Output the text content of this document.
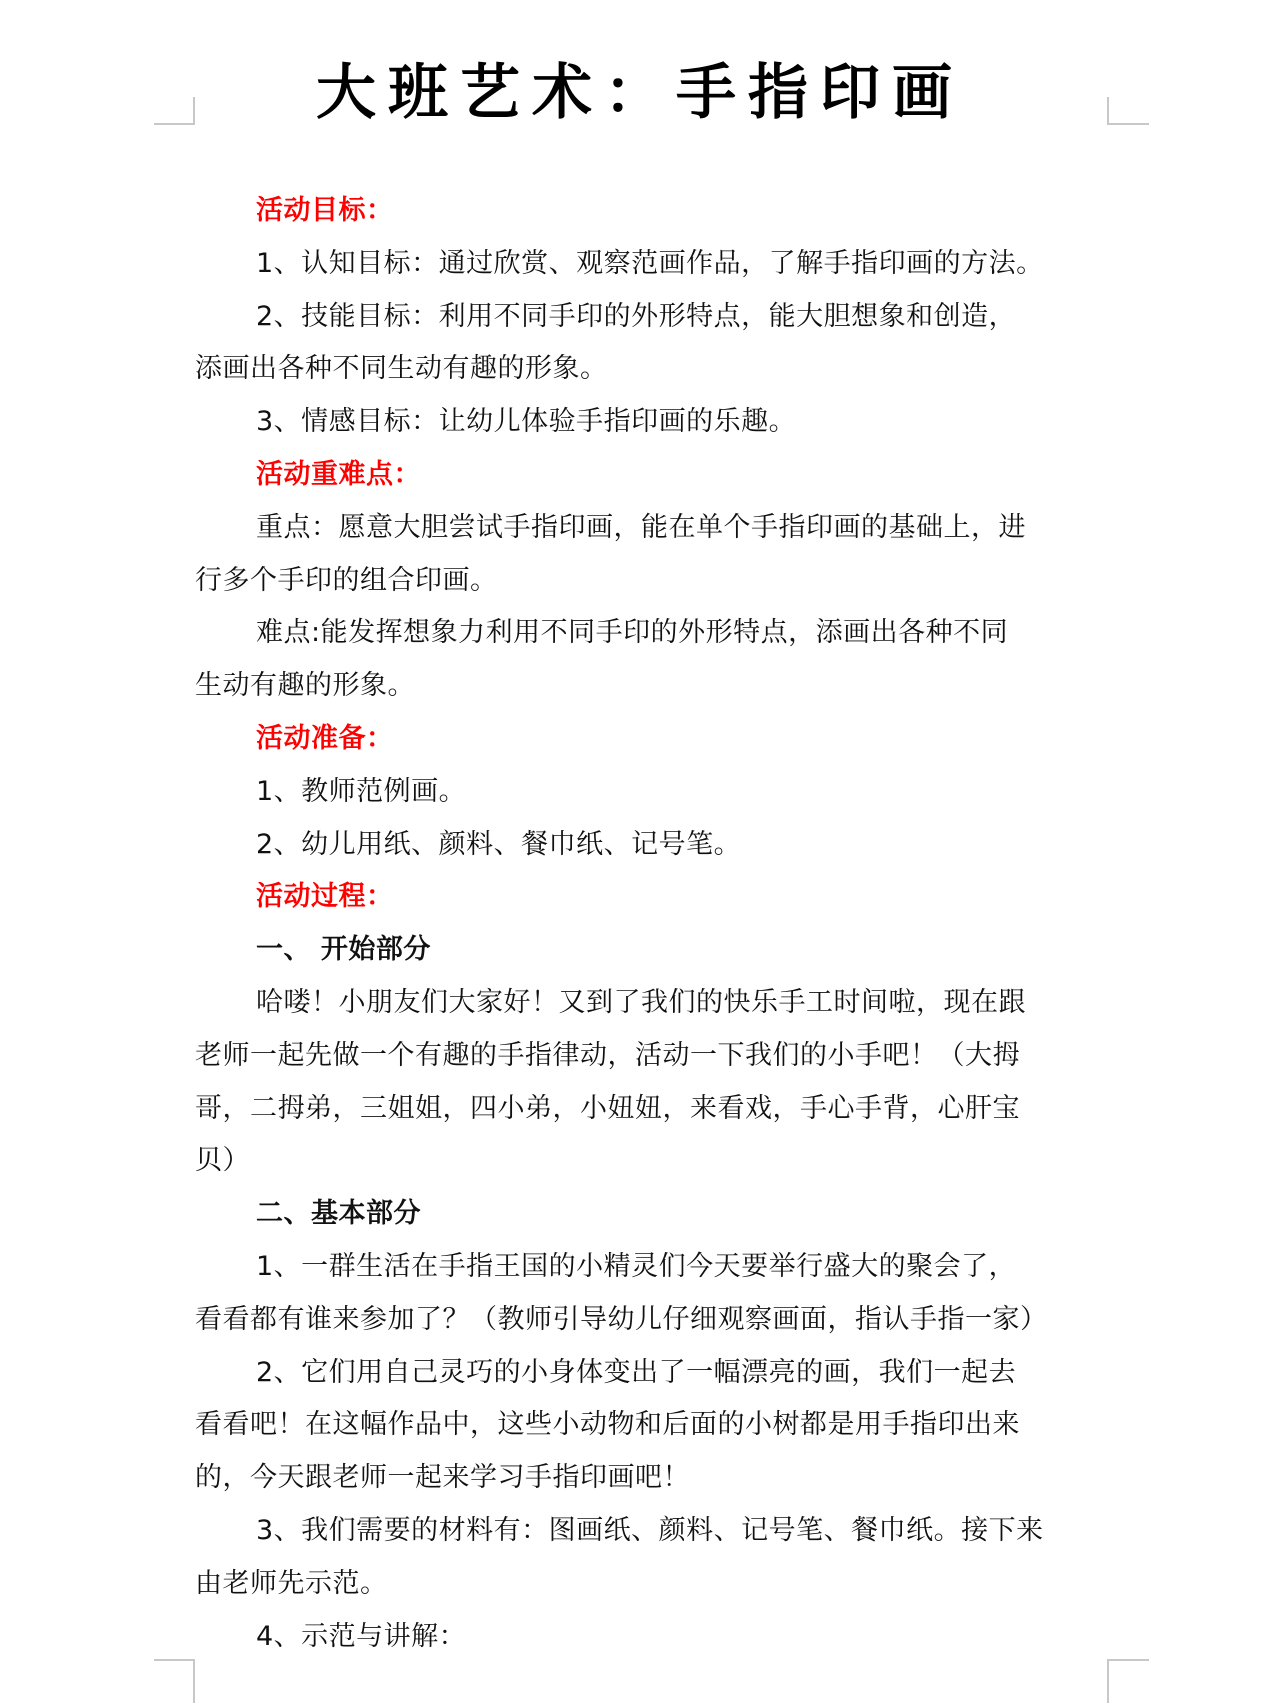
大班艺术：手指印画
活动目标：
1、认知目标：通过欣赏、观察范画作品，了解手指印画的方法。
2、技能目标：利用不同手印的外形特点，能大胆想象和创造，
添画出各种不同生动有趣的形象。
3、情感目标：让幼儿体验手指印画的乐趣。
活动重难点：
重点：愿意大胆尝试手指印画，能在单个手指印画的基础上，进
行多个手印的组合印画。
难点:能发挥想象力利用不同手印的外形特点，添画出各种不同
生动有趣的形象。
活动准备：
1、教师范例画。
2、幼儿用纸、颜料、餐巾纸、记号笔。
活动过程：
一、 开始部分
哈喽！小朋友们大家好！又到了我们的快乐手工时间啦，现在跟
老师一起先做一个有趣的手指律动，活动一下我们的小手吧！（大拇
哥，二拇弟，三姐姐，四小弟，小妞妞，来看戏，手心手背，心肝宝
贝）
二、基本部分
1、一群生活在手指王国的小精灵们今天要举行盛大的聚会了，
看看都有谁来参加了？（教师引导幼儿仔细观察画面，指认手指一家）
2、它们用自己灵巧的小身体变出了一幅漂亮的画，我们一起去
看看吧！在这幅作品中，这些小动物和后面的小树都是用手指印出来
的，今天跟老师一起来学习手指印画吧！
3、我们需要的材料有：图画纸、颜料、记号笔、餐巾纸。接下来
由老师先示范。
4、示范与讲解：
